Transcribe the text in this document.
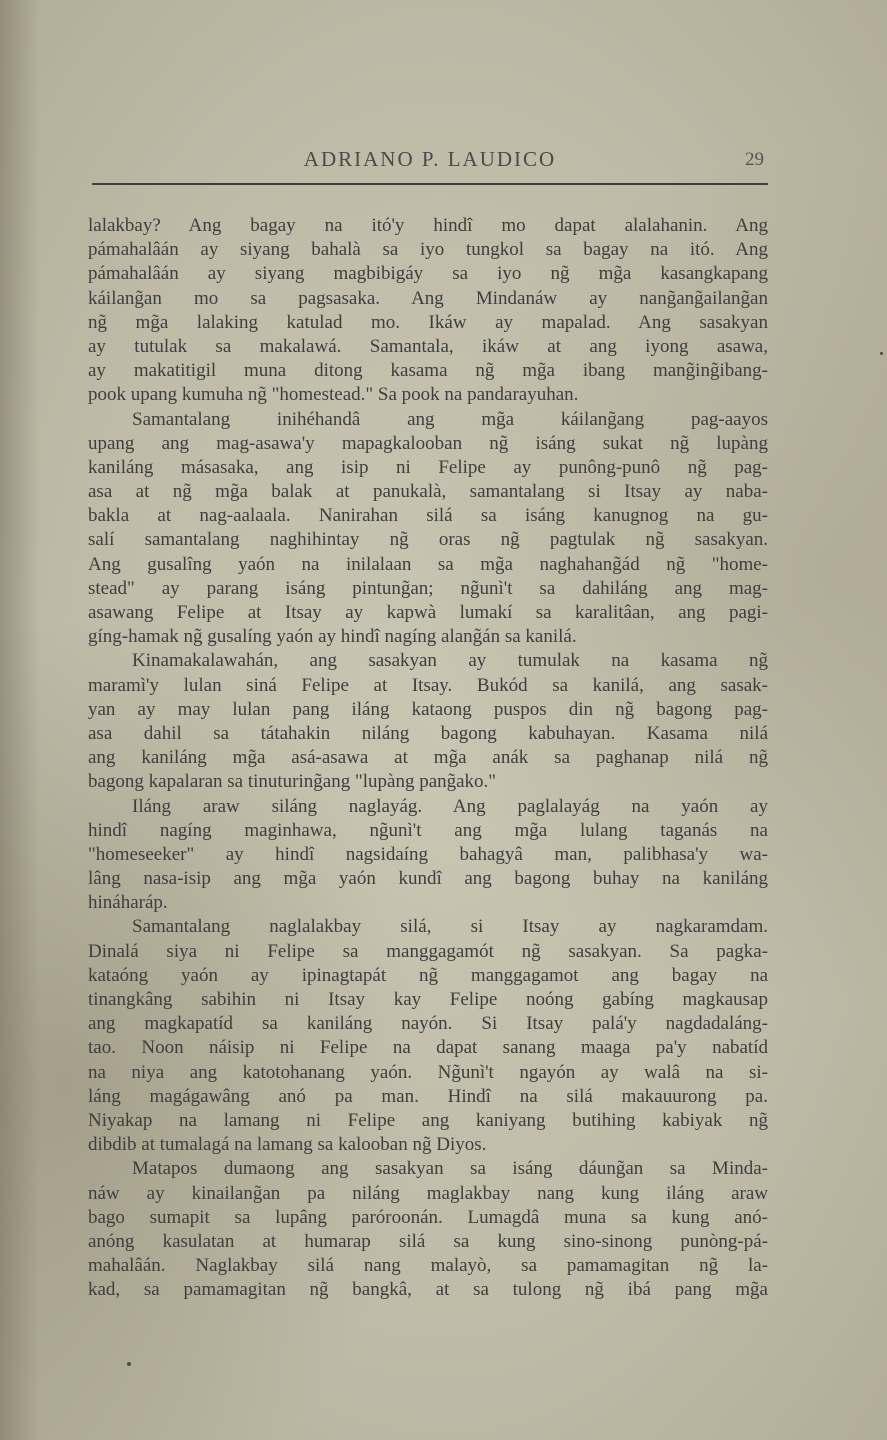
ADRIANO P. LAUDICO	29
lalakbay? Ang bagay na itó'y hindî mo dapat alalahanin. Ang
pámahalâán ay siyang bahalà sa iyo tungkol sa bagay na itó. Ang
pámahalâán ay siyang magbibigáy sa iyo ng̃ mg̃a kasangkapang
káilang̃an mo sa pagsasaka. Ang Mindanáw ay nang̃ang̃ailang̃an
ng̃ mg̃a lalaking katulad mo. Ikáw ay mapalad. Ang sasakyan
ay tutulak sa makalawá. Samantala, ikáw at ang iyong asawa,
ay makatitigil muna ditong kasama ng̃ mg̃a ibang mang̃ing̃ibang-
pook upang kumuha ng̃ "homestead." Sa pook na pandarayuhan.
Samantalang inihéhandâ ang mg̃a káilang̃ang pag-aayos
upang ang mag-asawa'y mapagkalooban ng̃ isáng sukat ng̃ lupàng
kaniláng másasaka, ang isip ni Felipe ay punông-punô ng̃ pag-
asa at ng̃ mg̃a balak at panukalà, samantalang si Itsay ay naba-
bakla at nag-aalaala. Nanirahan silá sa isáng kanugnog na gu-
salí samantalang naghihintay ng̃ oras ng̃ pagtulak ng̃ sasakyan.
Ang gusalîng yaón na inilalaan sa mg̃a naghahang̃ád ng̃ "home-
stead" ay parang isáng pintung̃an; ng̃unì't sa dahiláng ang mag-
asawang Felipe at Itsay ay kapwà lumakí sa karalitâan, ang pagi-
gíng-hamak ng̃ gusalíng yaón ay hindî nagíng alang̃án sa kanilá.
Kinamakalawahán, ang sasakyan ay tumulak na kasama ng̃
maramì'y lulan siná Felipe at Itsay. Bukód sa kanilá, ang sasak-
yan ay may lulan pang iláng kataong puspos din ng̃ bagong pag-
asa dahil sa tátahakin niláng bagong kabuhayan. Kasama nilá
ang kaniláng mg̃a asá-asawa at mg̃a anák sa paghanap nilá ng̃
bagong kapalaran sa tinuturing̃ang "lupàng pang̃ako."
Iláng araw siláng naglayág. Ang paglalayág na yaón ay
hindî nagíng maginhawa, ng̃unì't ang mg̃a lulang taganás na
"homeseeker" ay hindî nagsidaíng bahagyâ man, palibhasa'y wa-
lâng nasa-isip ang mg̃a yaón kundî ang bagong buhay na kaniláng
hináharáp.
Samantalang naglalakbay silá, si Itsay ay nagkaramdam.
Dinalá siya ni Felipe sa manggagamót ng̃ sasakyan. Sa pagka-
kataóng yaón ay ipinagtapát ng̃ manggagamot ang bagay na
tinangkâng sabihin ni Itsay kay Felipe noóng gabíng magkausap
ang magkapatíd sa kaniláng nayón. Si Itsay palá'y nagdadaláng-
tao. Noon náisip ni Felipe na dapat sanang maaga pa'y nabatíd
na niya ang katotohanang yaón. Ng̃unì't ngayón ay walâ na si-
láng magágawâng anó pa man. Hindî na silá makauurong pa.
Niyakap na lamang ni Felipe ang kaniyang butihing kabiyak ng̃
dibdib at tumalagá na lamang sa kalooban ng̃ Diyos.
Matapos dumaong ang sasakyan sa isáng dáung̃an sa Minda-
náw ay kinailang̃an pa niláng maglakbay nang kung iláng araw
bago sumapit sa lupâng paróroonán. Lumagdâ muna sa kung anó-
anóng kasulatan at humarap silá sa kung sino-sinong punòng-pá-
mahalâán. Naglakbay silá nang malayò, sa pamamagitan ng̃ la-
kad, sa pamamagitan ng̃ bangkâ, at sa tulong ng̃ ibá pang mg̃a
